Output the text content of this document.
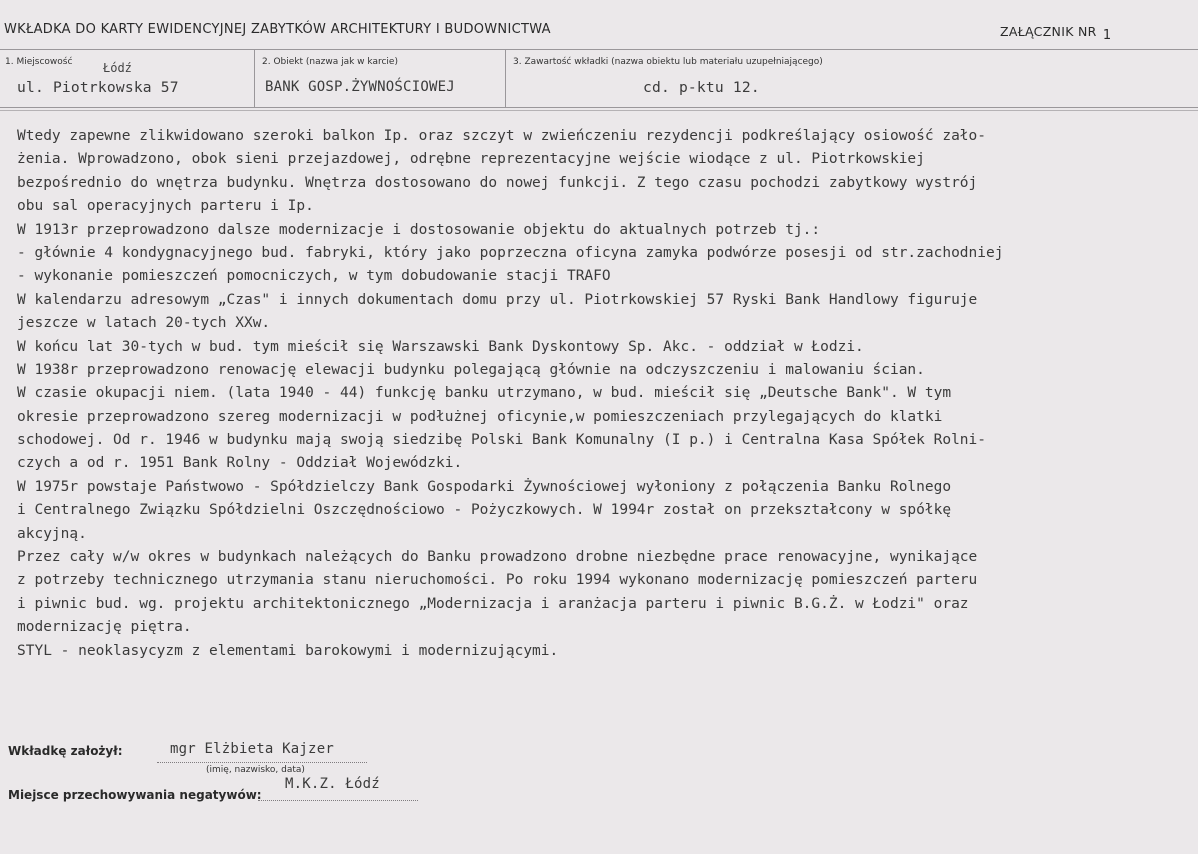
WKŁADKA DO KARTY EWIDENCYJNEJ ZABYTKÓW ARCHITEKTURY I BUDOWNICTWA	ZAŁĄCZNIK NR 1
1. Miejscowość	Łódź
ul. Piotrkowska 57
2. Obiekt (nazwa jak w karcie)
BANK GOSP.ŻYWNOŚCIOWEJ
3. Zawartość wkładki (nazwa obiektu lub materiału uzupełniającego)
cd. p-ktu 12.
Wtedy zapewne zlikwidowano szeroki balkon Ip. oraz szczyt w zwieńczeniu rezydencji podkreślający osiowość zało-
żenia. Wprowadzono, obok sieni przejazdowej, odrębne reprezentacyjne wejście wiodące z ul. Piotrkowskiej
bezpośrednio do wnętrza budynku. Wnętrza dostosowano do nowej funkcji. Z tego czasu pochodzi zabytkowy wystrój
obu sal operacyjnych parteru i Ip.
W 1913r przeprowadzono dalsze modernizacje i dostosowanie objektu do aktualnych potrzeb tj.:
- głównie 4 kondygnacyjnego bud. fabryki, który jako poprzeczna oficyna zamyka podwórze posesji od str.zachodniej
- wykonanie pomieszczeń pomocniczych, w tym dobudowanie stacji TRAFO
W kalendarzu adresowym „Czas" i innych dokumentach domu przy ul. Piotrkowskiej 57 Ryski Bank Handlowy figuruje
jeszcze w latach 20-tych XXw.
W końcu lat 30-tych w bud. tym mieścił się Warszawski Bank Dyskontowy Sp. Akc. - oddział w Łodzi.
W 1938r przeprowadzono renowację elewacji budynku polegającą głównie na odczyszczeniu i malowaniu ścian.
W czasie okupacji niem. (lata 1940 - 44) funkcję banku utrzymano, w bud. mieścił się „Deutsche Bank". W tym
okresie przeprowadzono szereg modernizacji w podłużnej oficynie,w pomieszczeniach przylegających do klatki
schodowej. Od r. 1946 w budynku mają swoją siedzibę Polski Bank Komunalny (I p.) i Centralna Kasa Spółek Rolni-
czych a od r. 1951 Bank Rolny - Oddział Wojewódzki.
W 1975r powstaje Państwowo - Spółdzielczy Bank Gospodarki Żywnościowej wyłoniony z połączenia Banku Rolnego
i Centralnego Związku Spółdzielni Oszczędnościowo - Pożyczkowych. W 1994r został on przekształcony w spółkę
akcyjną.
Przez cały w/w okres w budynkach należących do Banku prowadzono drobne niezbędne prace renowacyjne, wynikające
z potrzeby technicznego utrzymania stanu nieruchomości. Po roku 1994 wykonano modernizację pomieszczeń parteru
i piwnic bud. wg. projektu architektonicznego „Modernizacja i aranżacja parteru i piwnic B.G.Ż. w Łodzi" oraz
modernizację piętra.
STYL - neoklasycyzm z elementami barokowymi i modernizującymi.
Wkładkę założył:	mgr Elżbieta Kajzer
(imię, nazwisko, data)
Miejsce przechowywania negatywów:
M.K.Z. Łódź
